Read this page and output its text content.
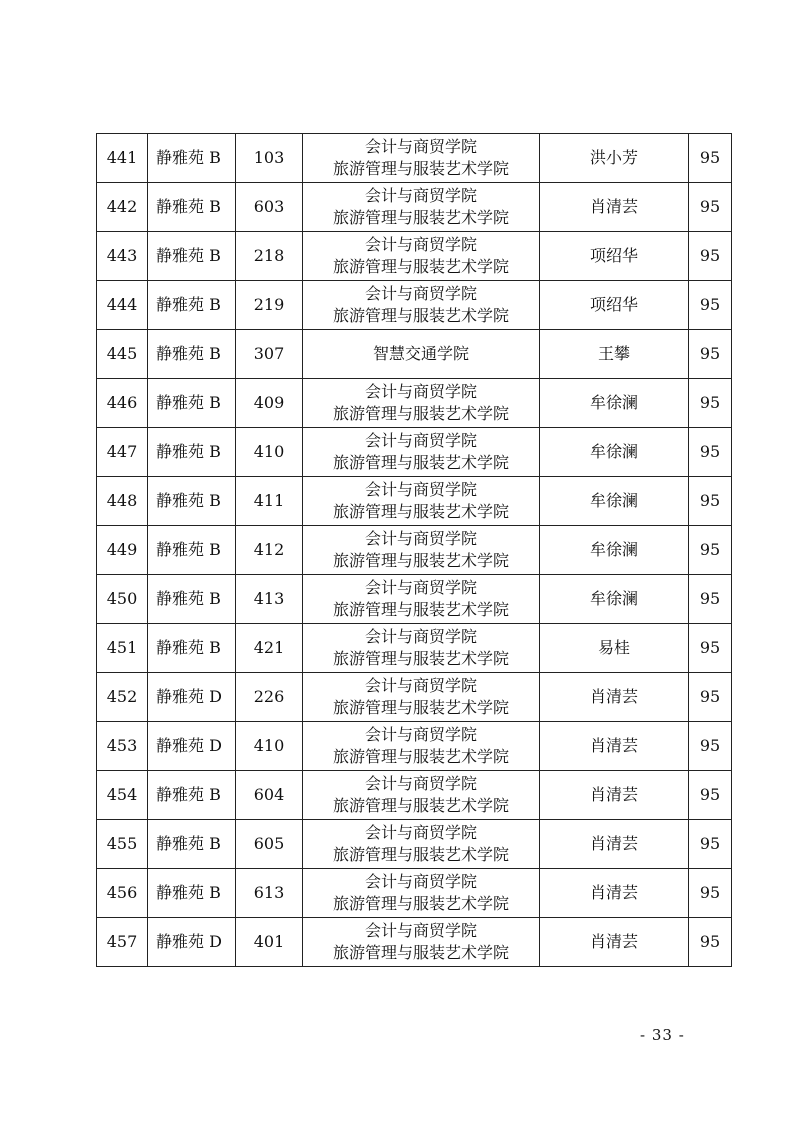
441	静雅苑 B	103	会计与商贸学院
旅游管理与服装艺术学院	洪小芳	95
442	静雅苑 B	603	会计与商贸学院
旅游管理与服装艺术学院	肖清芸	95
443	静雅苑 B	218	会计与商贸学院
旅游管理与服装艺术学院	项绍华	95
444	静雅苑 B	219	会计与商贸学院
旅游管理与服装艺术学院	项绍华	95
445	静雅苑 B	307	智慧交通学院	王攀	95
446	静雅苑 B	409	会计与商贸学院
旅游管理与服装艺术学院	牟徐澜	95
447	静雅苑 B	410	会计与商贸学院
旅游管理与服装艺术学院	牟徐澜	95
448	静雅苑 B	411	会计与商贸学院
旅游管理与服装艺术学院	牟徐澜	95
449	静雅苑 B	412	会计与商贸学院
旅游管理与服装艺术学院	牟徐澜	95
450	静雅苑 B	413	会计与商贸学院
旅游管理与服装艺术学院	牟徐澜	95
451	静雅苑 B	421	会计与商贸学院
旅游管理与服装艺术学院	易桂	95
452	静雅苑 D	226	会计与商贸学院
旅游管理与服装艺术学院	肖清芸	95
453	静雅苑 D	410	会计与商贸学院
旅游管理与服装艺术学院	肖清芸	95
454	静雅苑 B	604	会计与商贸学院
旅游管理与服装艺术学院	肖清芸	95
455	静雅苑 B	605	会计与商贸学院
旅游管理与服装艺术学院	肖清芸	95
456	静雅苑 B	613	会计与商贸学院
旅游管理与服装艺术学院	肖清芸	95
457	静雅苑 D	401	会计与商贸学院
旅游管理与服装艺术学院	肖清芸	95
- 33 -
